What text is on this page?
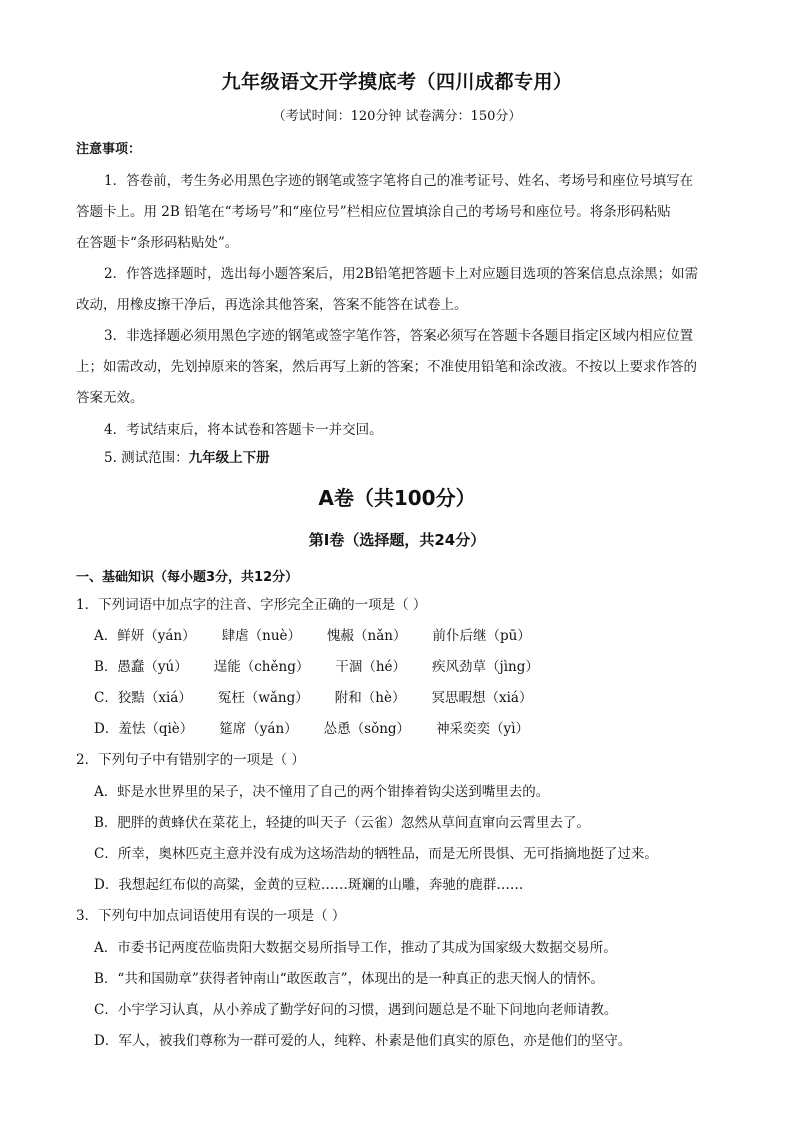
九年级语文开学摸底考（四川成都专用）
（考试时间：120分钟 试卷满分：150分）
注意事项：
1．答卷前，考生务必用黑色字迹的钢笔或签字笔将自己的准考证号、姓名、考场号和座位号填写在
答题卡上。用 2B 铅笔在“考场号”和“座位号”栏相应位置填涂自己的考场号和座位号。将条形码粘贴
在答题卡“条形码粘贴处”。
2．作答选择题时，选出每小题答案后，用2B铅笔把答题卡上对应题目选项的答案信息点涂黑；如需
改动，用橡皮擦干净后，再选涂其他答案，答案不能答在试卷上。
3．非选择题必须用黑色字迹的钢笔或签字笔作答，答案必须写在答题卡各题目指定区域内相应位置
上；如需改动，先划掉原来的答案，然后再写上新的答案；不准使用铅笔和涂改液。不按以上要求作答的
答案无效。
4．考试结束后，将本试卷和答题卡一并交回。
5. 测试范围：九年级上下册
A卷（共100分）
第Ⅰ卷（选择题，共24分）
一、基础知识（每小题3分，共12分）
1．下列词语中加点字的注音、字形完全正确的一项是（ ）
A．鲜妍（yán） 肆虐（nuè） 愧赧（nǎn） 前仆后继（pū）
B．愚蠢（yú） 逞能（chěng） 干涸（hé） 疾风劲草（jìng）
C．狡黠（xiá） 冤枉（wǎng） 附和（hè） 冥思暇想（xiá）
D．羞怯（qiè） 筵席（yán） 怂恿（sǒng） 神采奕奕（yì）
2．下列句子中有错别字的一项是（ ）
A．虾是水世界里的呆子，决不憧用了自己的两个钳捧着钩尖送到嘴里去的。
B．肥胖的黄蜂伏在菜花上，轻捷的叫天子（云雀）忽然从草间直窜向云霄里去了。
C．所幸，奥林匹克主意并没有成为这场浩劫的牺牲品，而是无所畏惧、无可指摘地挺了过来。
D．我想起红布似的高粱，金黄的豆粒……斑斓的山雕，奔驰的鹿群……
3．下列句中加点词语使用有误的一项是（ ）
A．市委书记两度莅临贵阳大数据交易所指导工作，推动了其成为国家级大数据交易所。
B．“共和国勋章”获得者钟南山“敢医敢言”，体现出的是一种真正的悲天悯人的情怀。
C．小宇学习认真，从小养成了勤学好问的习惯，遇到问题总是不耻下问地向老师请教。
D．军人，被我们尊称为一群可爱的人，纯粹、朴素是他们真实的原色，亦是他们的坚守。
